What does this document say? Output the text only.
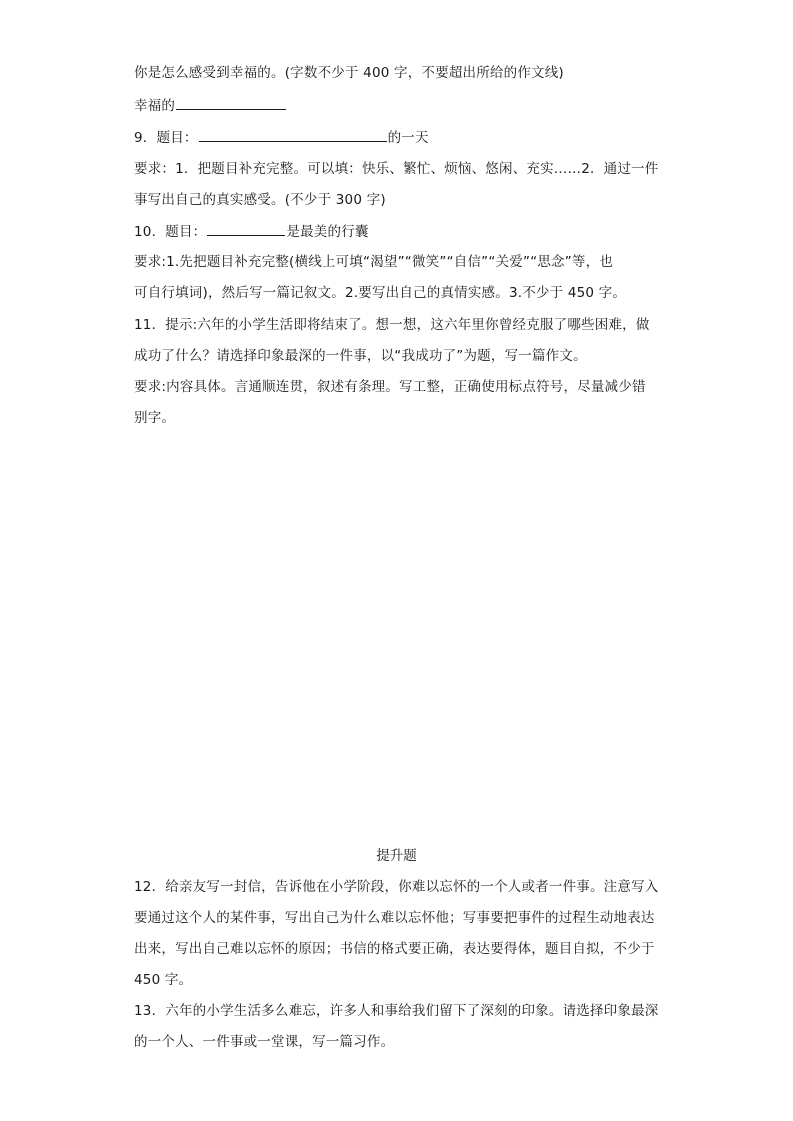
你是怎么感受到幸福的。(字数不少于 400 字，不要超出所给的作文线)
幸福的
9．题目：	的一天
要求：1．把题目补充完整。可以填：快乐、繁忙、烦恼、悠闲、充实……2．通过一件
事写出自己的真实感受。(不少于 300 字)
10．题目：	是最美的行囊
要求:1.先把题目补充完整(横线上可填“渴望”“微笑”“自信”“关爱”“思念”等，也
可自行填词)，然后写一篇记叙文。2.要写出自己的真情实感。3.不少于 450 字。
11．提示:六年的小学生活即将结束了。想一想，这六年里你曾经克服了哪些困难，做
成功了什么？请选择印象最深的一件事，以“我成功了”为题，写一篇作文。
要求:内容具体。言通顺连贯，叙述有条理。写工整，正确使用标点符号，尽量减少错
别字。
提升题
12．给亲友写一封信，告诉他在小学阶段，你难以忘怀的一个人或者一件事。注意写入
要通过这个人的某件事，写出自己为什么难以忘怀他；写事要把事件的过程生动地表达
出来，写出自己难以忘怀的原因；书信的格式要正确，表达要得体，题目自拟，不少于
450 字。
13．六年的小学生活多么难忘，许多人和事给我们留下了深刻的印象。请选择印象最深
的一个人、一件事或一堂课，写一篇习作。
